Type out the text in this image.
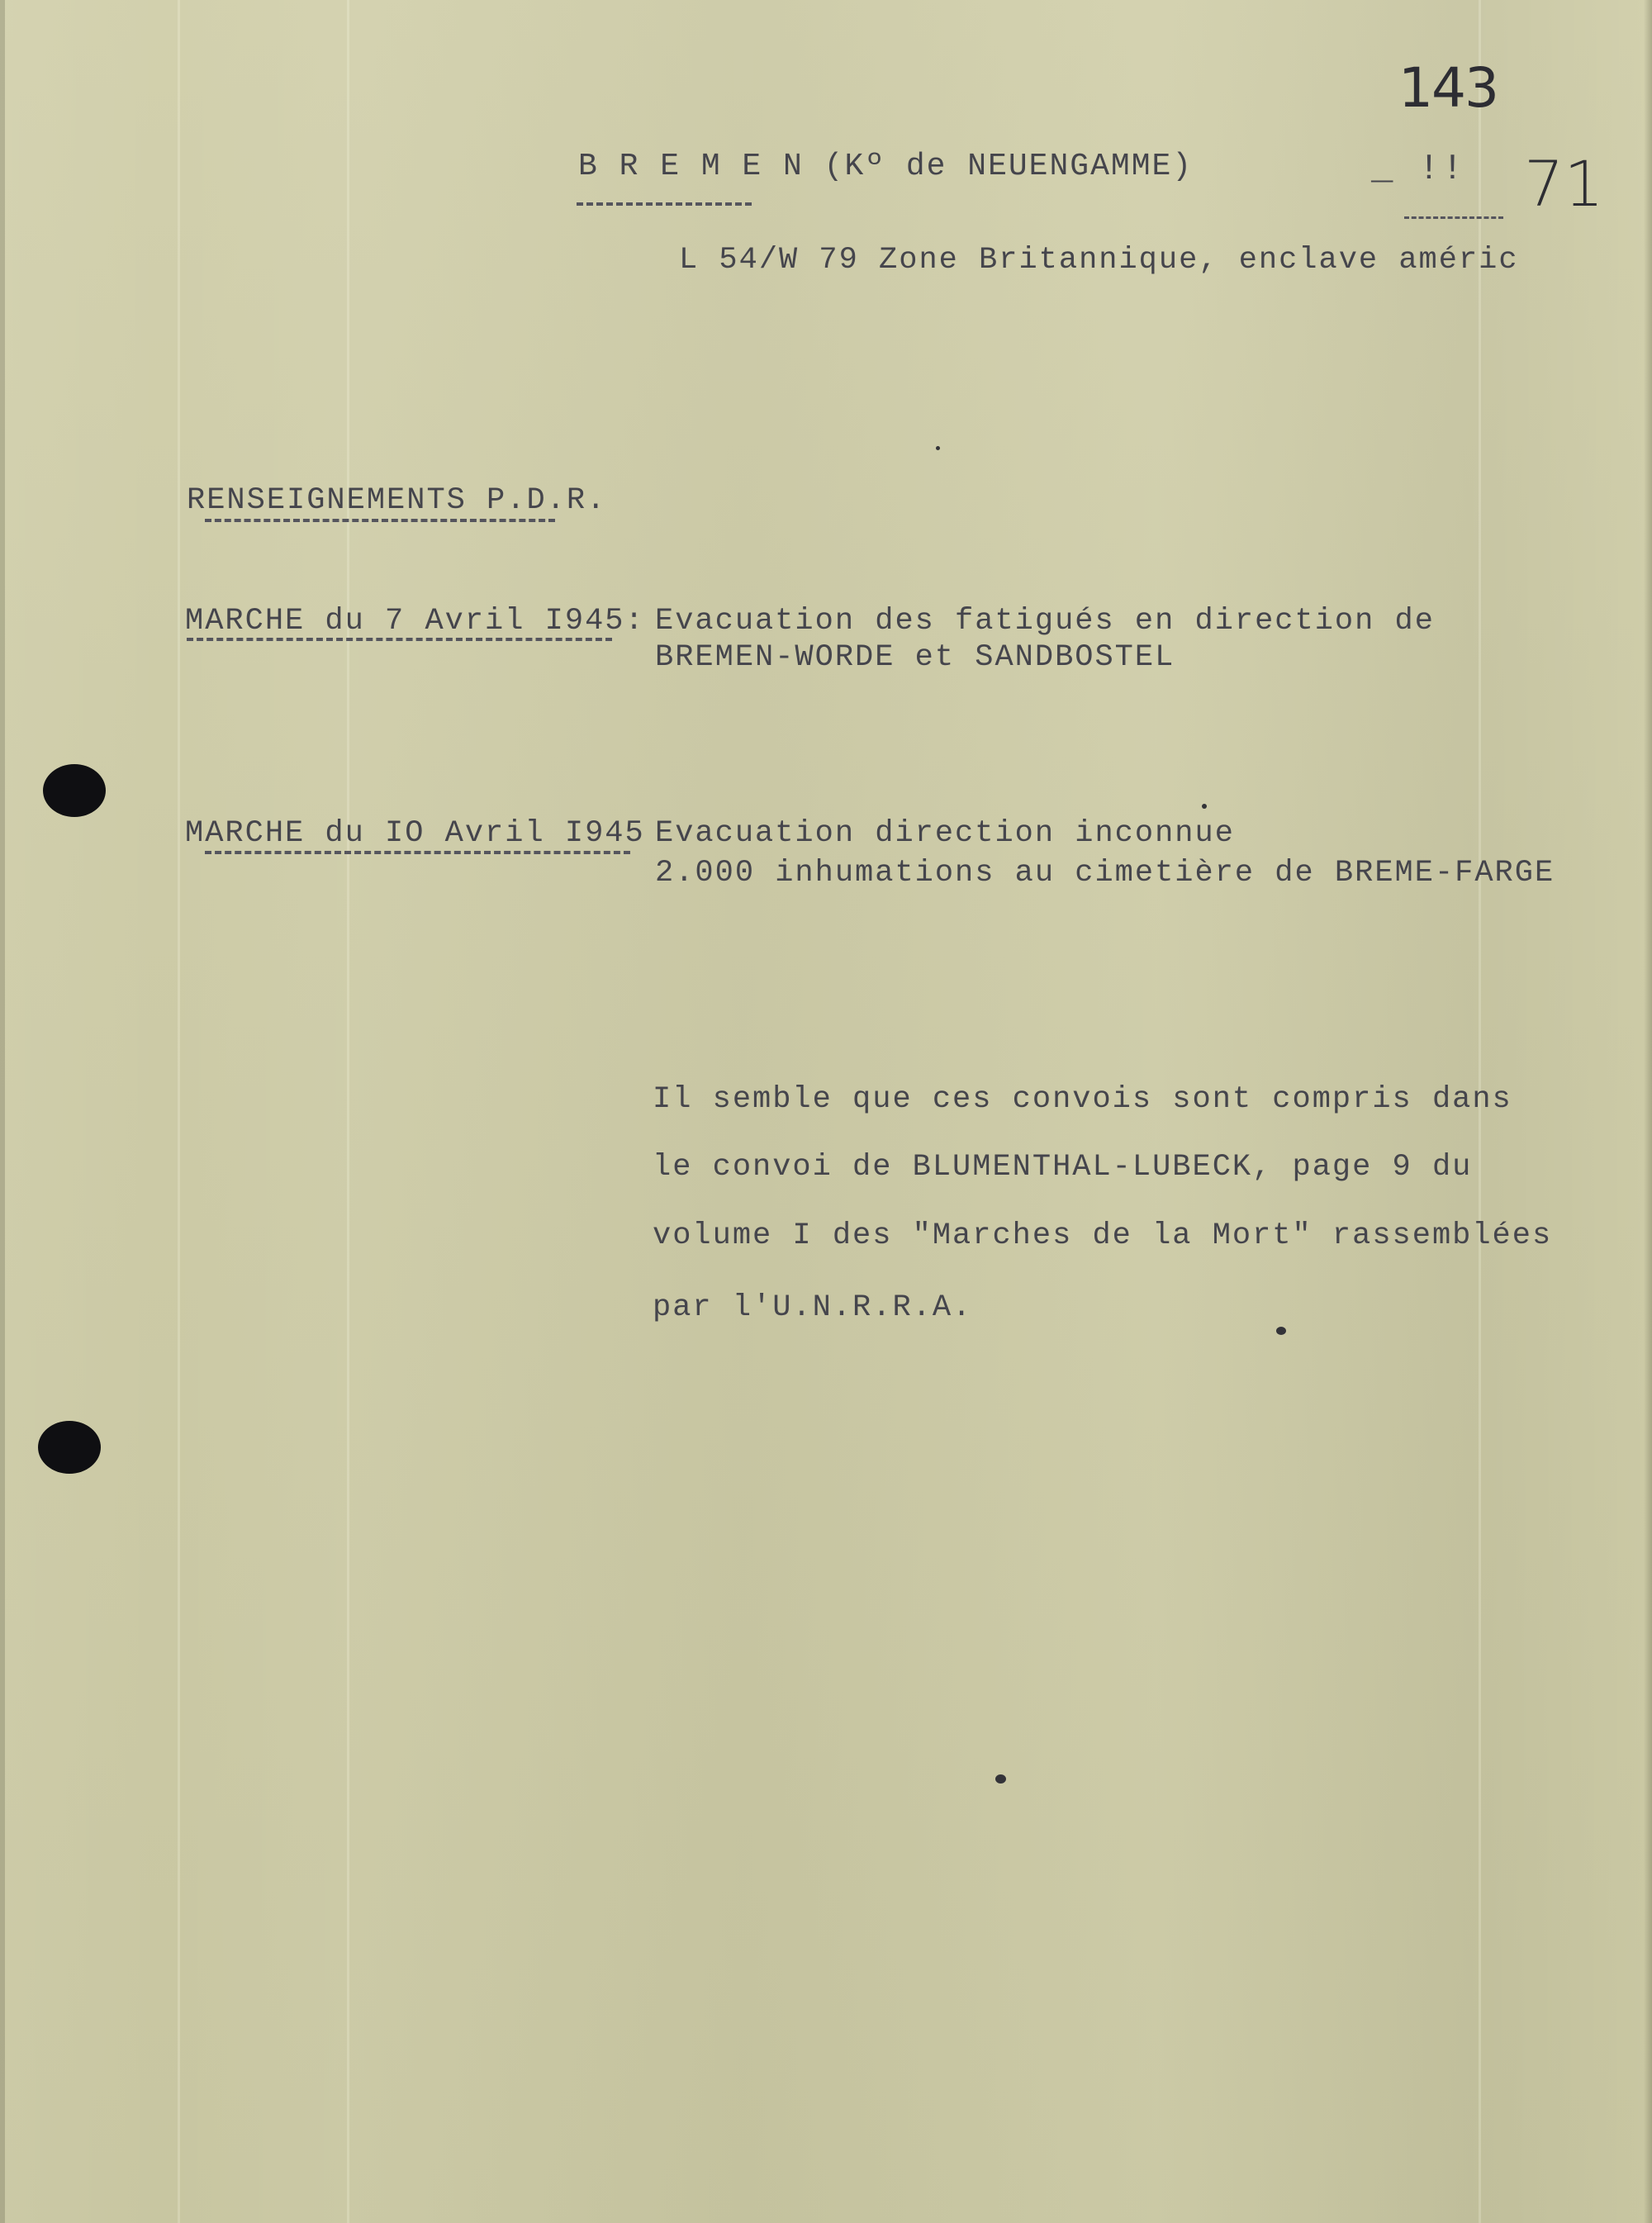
143
B R E M E N (Kº de NEUENGAMME)	_ !! 71
L 54/W 79 Zone Britannique, enclave améric
RENSEIGNEMENTS P.D.R.
MARCHE du 7 Avril I945: Evacuation des fatigués en direction de
BREMEN-WORDE et SANDBOSTEL
MARCHE du IO Avril I945 Evacuation direction inconnue
2.000 inhumations au cimetière de BREME-FARGE
Il semble que ces convois sont compris dans
le convoi de BLUMENTHAL-LUBECK, page 9 du
volume I des "Marches de la Mort" rassemblées
par l'U.N.R.R.A.
